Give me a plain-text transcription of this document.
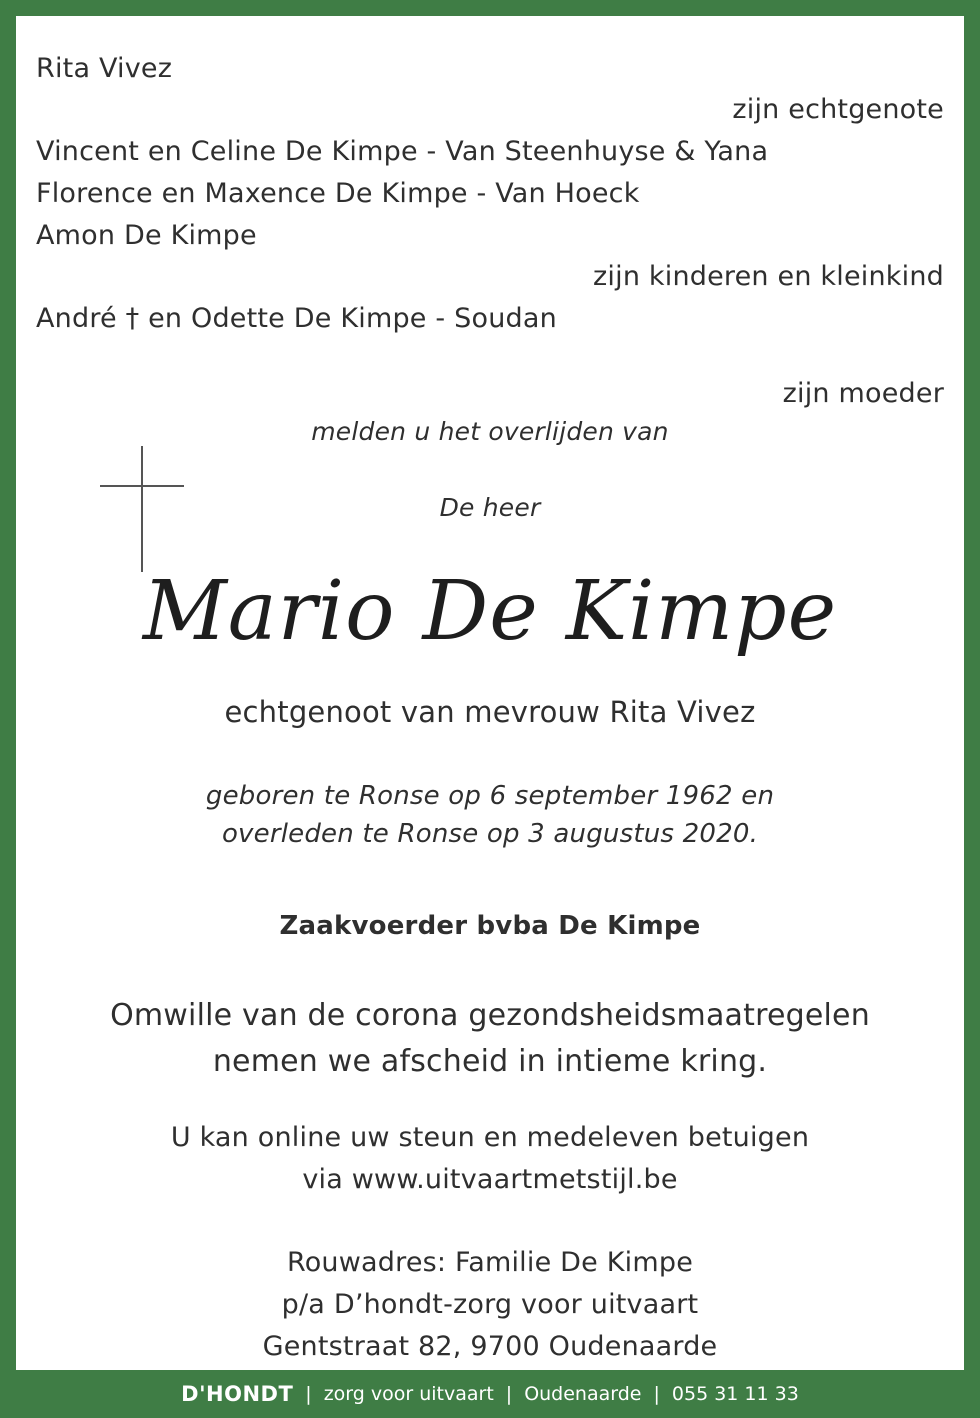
Rita Vivez
zijn echtgenote
Vincent en Celine De Kimpe - Van Steenhuyse & Yana
Florence en Maxence De Kimpe - Van Hoeck
Amon De Kimpe
zijn kinderen en kleinkind
André † en Odette De Kimpe - Soudan
zijn moeder
melden u het overlijden van
De heer
Mario De Kimpe
echtgenoot van mevrouw Rita Vivez
geboren te Ronse op 6 september 1962 en
overleden te Ronse op 3 augustus 2020.
Zaakvoerder bvba De Kimpe
Omwille van de corona gezondsheidsmaatregelen
nemen we afscheid in intieme kring.
U kan online uw steun en medeleven betuigen
via www.uitvaartmetstijl.be
Rouwadres: Familie De Kimpe
p/a D’hondt-zorg voor uitvaart
Gentstraat 82, 9700 Oudenaarde
D'HONDT | zorg voor uitvaart | Oudenaarde | 055 31 11 33
